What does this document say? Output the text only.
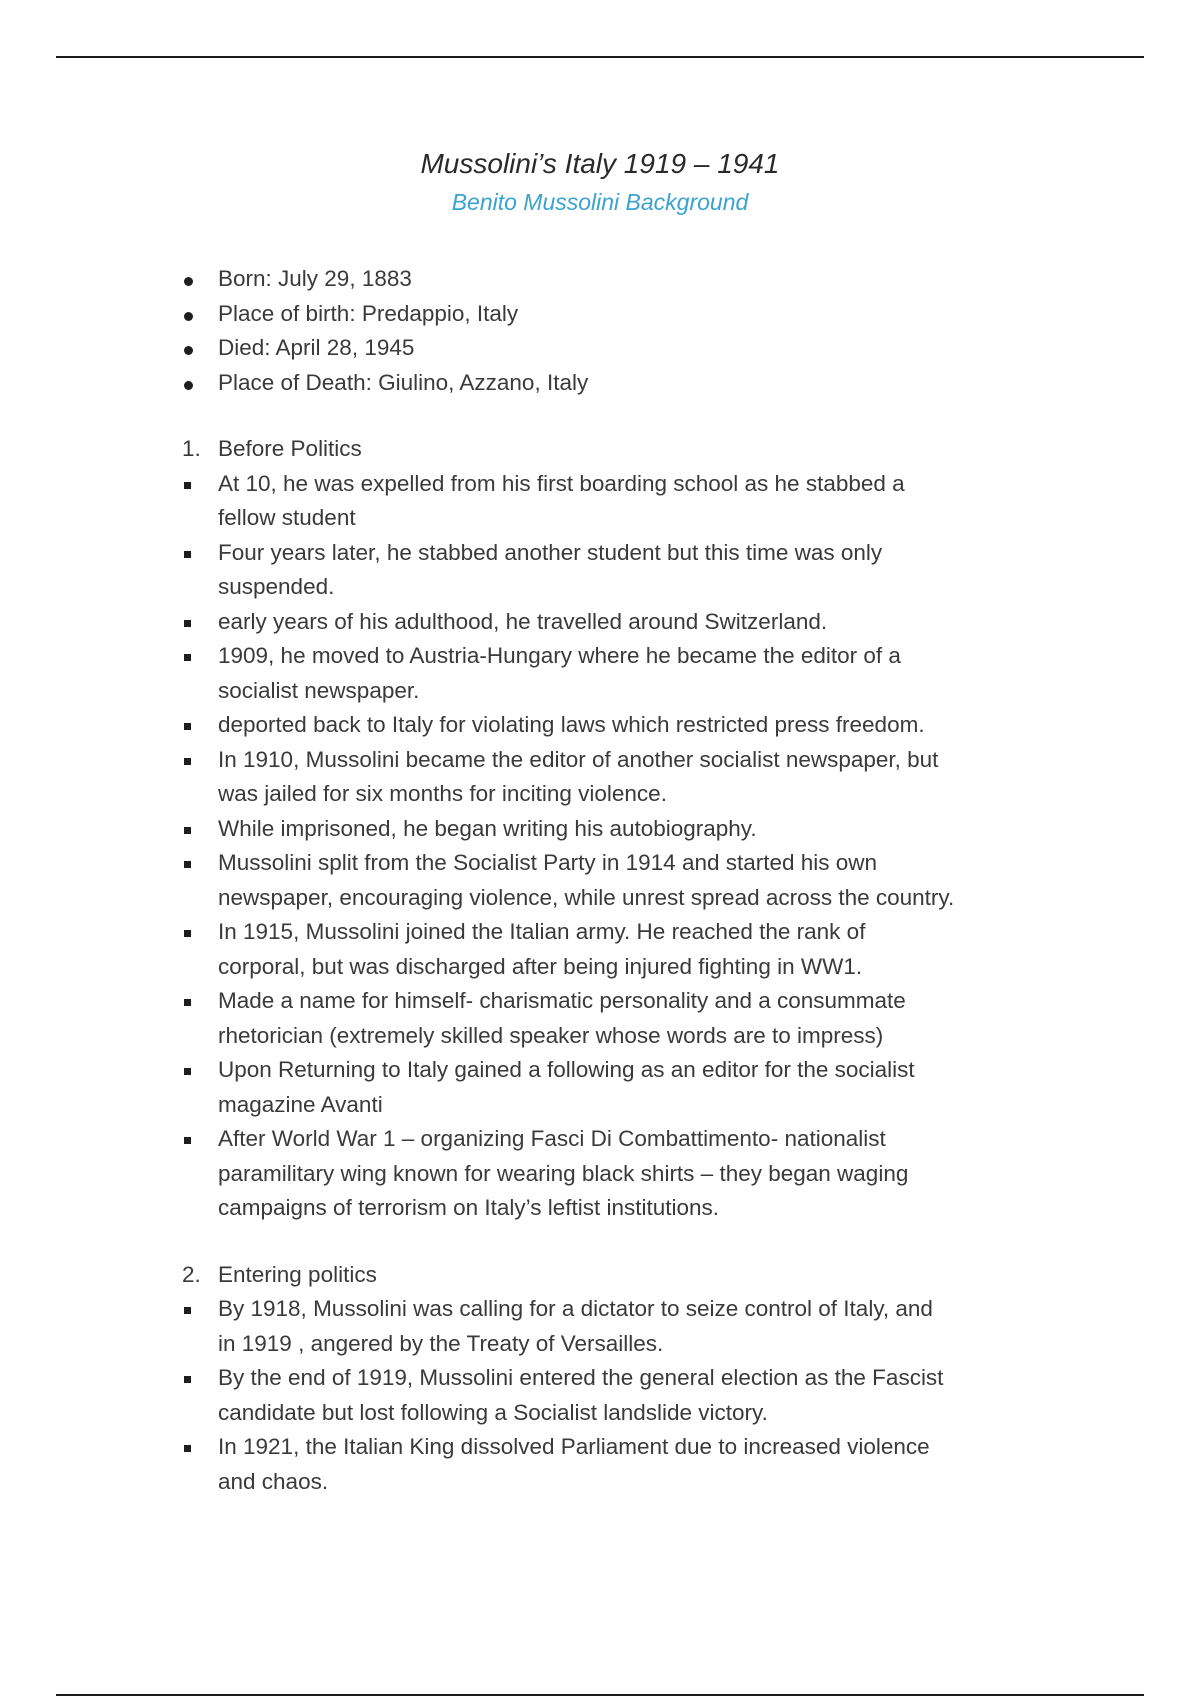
Mussolini’s Italy 1919 – 1941
Benito Mussolini Background
Born: July 29, 1883
Place of birth: Predappio, Italy
Died: April 28, 1945
Place of Death: Giulino, Azzano, Italy
1. Before Politics
At 10, he was expelled from his first boarding school as he stabbed a
fellow student
Four years later, he stabbed another student but this time was only
suspended.
early years of his adulthood, he travelled around Switzerland.
1909, he moved to Austria-Hungary where he became the editor of a
socialist newspaper.
deported back to Italy for violating laws which restricted press freedom.
In 1910, Mussolini became the editor of another socialist newspaper, but
was jailed for six months for inciting violence.
While imprisoned, he began writing his autobiography.
Mussolini split from the Socialist Party in 1914 and started his own
newspaper, encouraging violence, while unrest spread across the country.
In 1915, Mussolini joined the Italian army. He reached the rank of
corporal, but was discharged after being injured fighting in WW1.
Made a name for himself- charismatic personality and a consummate
rhetorician (extremely skilled speaker whose words are to impress)
Upon Returning to Italy gained a following as an editor for the socialist
magazine Avanti
After World War 1 – organizing Fasci Di Combattimento- nationalist
paramilitary wing known for wearing black shirts – they began waging
campaigns of terrorism on Italy’s leftist institutions.
2. Entering politics
By 1918, Mussolini was calling for a dictator to seize control of Italy, and
in 1919 , angered by the Treaty of Versailles.
By the end of 1919, Mussolini entered the general election as the Fascist
candidate but lost following a Socialist landslide victory.
In 1921, the Italian King dissolved Parliament due to increased violence
and chaos.
